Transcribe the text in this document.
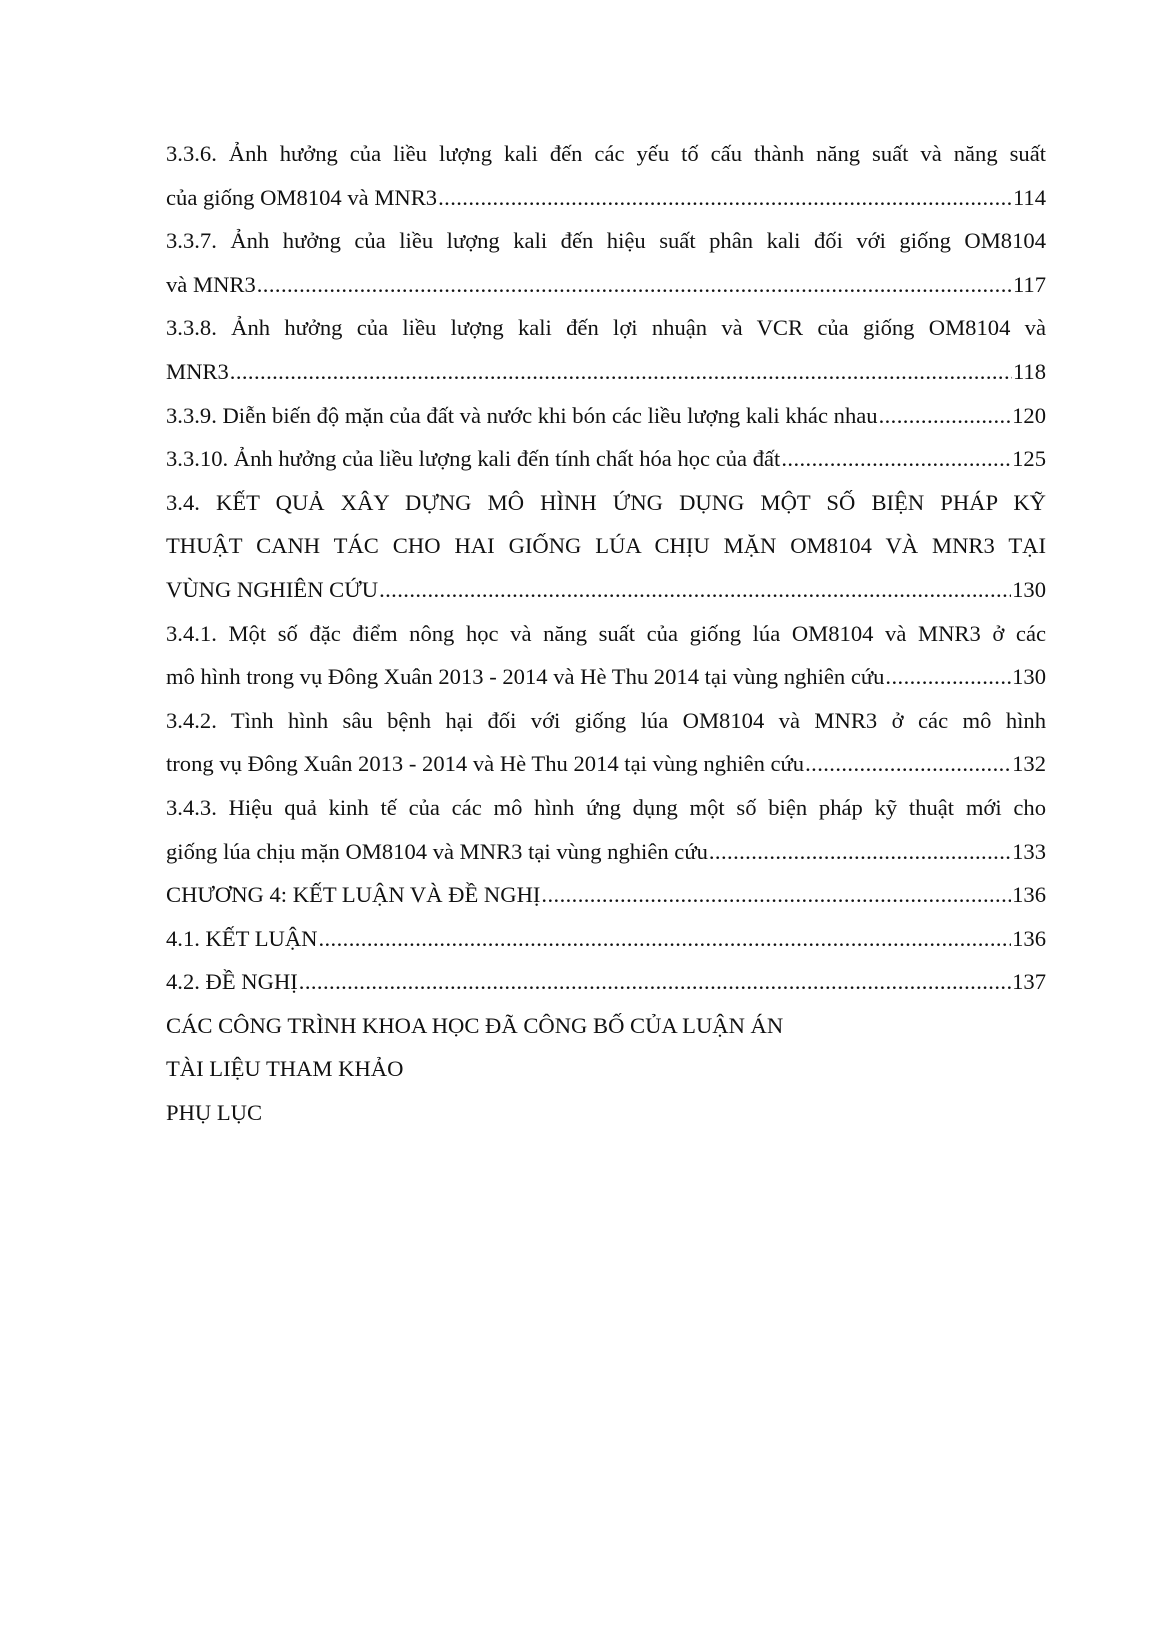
3.3.6. Ảnh hưởng của liều lượng kali đến các yếu tố cấu thành năng suất và năng suất
của giống OM8104 và MNR3 .....	114
3.3.7. Ảnh hưởng của liều lượng kali đến hiệu suất phân kali đối với giống OM8104
và MNR3 .....	117
3.3.8. Ảnh hưởng của liều lượng kali đến lợi nhuận và VCR của giống OM8104 và
MNR3 .....	118
3.3.9. Diễn biến độ mặn của đất và nước khi bón các liều lượng kali khác nhau .....	120
3.3.10. Ảnh hưởng của liều lượng kali đến tính chất hóa học của đất .....	125
3.4. KẾT QUẢ XÂY DỰNG MÔ HÌNH ỨNG DỤNG MỘT SỐ BIỆN PHÁP KỸ
THUẬT CANH TÁC CHO HAI GIỐNG LÚA CHỊU MẶN OM8104 VÀ MNR3 TẠI
VÙNG NGHIÊN CỨU .....	130
3.4.1. Một số đặc điểm nông học và năng suất của giống lúa OM8104 và MNR3 ở các
mô hình trong vụ Đông Xuân 2013 - 2014 và Hè Thu 2014 tại vùng nghiên cứu .....	130
3.4.2. Tình hình sâu bệnh hại đối với giống lúa OM8104 và MNR3 ở các mô hình
trong vụ Đông Xuân 2013 - 2014 và Hè Thu 2014 tại vùng nghiên cứu .....	132
3.4.3. Hiệu quả kinh tế của các mô hình ứng dụng một số biện pháp kỹ thuật mới cho
giống lúa chịu mặn OM8104 và MNR3 tại vùng nghiên cứu .....	133
CHƯƠNG 4: KẾT LUẬN VÀ ĐỀ NGHỊ .....	136
4.1. KẾT LUẬN .....	136
4.2. ĐỀ NGHỊ .....	137
CÁC CÔNG TRÌNH KHOA HỌC ĐÃ CÔNG BỐ CỦA LUẬN ÁN
TÀI LIỆU THAM KHẢO
PHỤ LỤC
